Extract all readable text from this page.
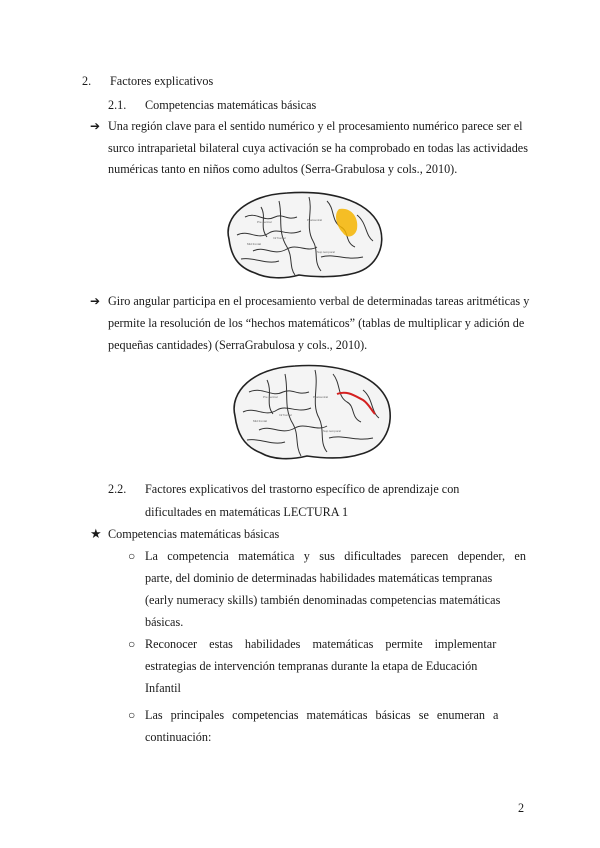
2. Factores explicativos
2.1. Competencias matemáticas básicas
➔ Una región clave para el sentido numérico y el procesamiento numérico parece ser el
surco intraparietal bilateral cuya activación se ha comprobado en todas las actividades
numéricas tanto en niños como adultos (Serra-Grabulosa y cols., 2010).
Pre central
Inf frontal
Postcentral
Sup temporal
Mid frontal
➔ Giro angular participa en el procesamiento verbal de determinadas tareas aritméticas y
permite la resolución de los “hechos matemáticos” (tablas de multiplicar y adición de
pequeñas cantidades) (SerraGrabulosa y cols., 2010).
Pre central
Inf frontal
Postcentral
Sup temporal
Mid frontal
2.2. Factores explicativos del trastorno específico de aprendizaje con
dificultades en matemáticas LECTURA 1
★ Competencias matemáticas básicas
○ La competencia matemática y sus dificultades parecen depender, en
parte, del dominio de determinadas habilidades matemáticas tempranas
(early numeracy skills) también denominadas competencias matemáticas
básicas.
○ Reconocer estas habilidades matemáticas permite implementar
estrategias de intervención tempranas durante la etapa de Educación
Infantil
○ Las principales competencias matemáticas básicas se enumeran a
continuación:
2
